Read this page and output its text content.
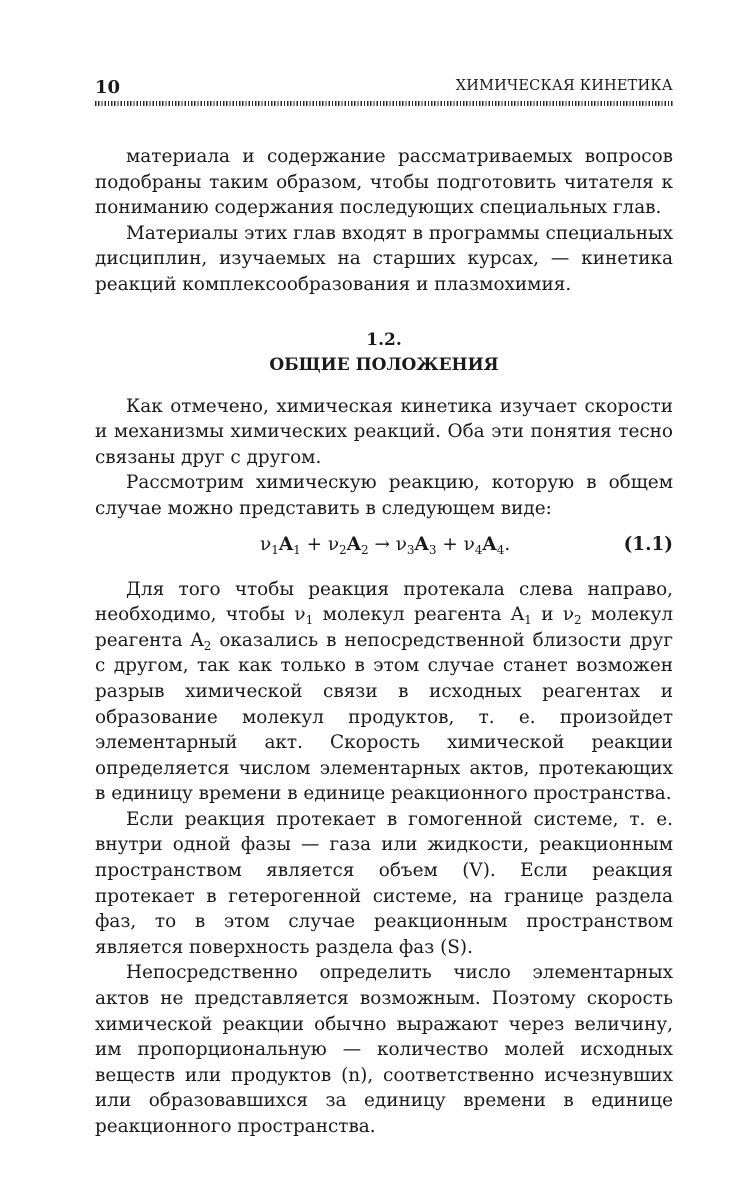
10	ХИМИЧЕСКАЯ КИНЕТИКА

материала и содержание рассматриваемых вопросов подобраны таким образом, чтобы подготовить читателя к пониманию содержания последующих специальных глав.

Материалы этих глав входят в программы специальных дисциплин, изучаемых на старших курсах, — кинетика реакций комплексообразования и плазмохимия.

1.2.
ОБЩИЕ ПОЛОЖЕНИЯ

Как отмечено, химическая кинетика изучает скорости и механизмы химических реакций. Оба эти понятия тесно связаны друг с другом.

Рассмотрим химическую реакцию, которую в общем случае можно представить в следующем виде:

$\nu_1A_1 + \nu_2A_2 \to \nu_3A_3 + \nu_4A_4$.	(1.1)

Для того чтобы реакция протекала слева направо, необходимо, чтобы $\nu_1$ молекул реагента $A_1$ и $\nu_2$ молекул реагента $A_2$ оказались в непосредственной близости друг с другом, так как только в этом случае станет возможен разрыв химической связи в исходных реагентах и образование молекул продуктов, т. е. произойдет элементарный акт. Скорость химической реакции определяется числом элементарных актов, протекающих в единицу времени в единице реакционного пространства.

Если реакция протекает в гомогенной системе, т. е. внутри одной фазы — газа или жидкости, реакционным пространством является объем (V). Если реакция протекает в гетерогенной системе, на границе раздела фаз, то в этом случае реакционным пространством является поверхность раздела фаз (S).

Непосредственно определить число элементарных актов не представляется возможным. Поэтому скорость химической реакции обычно выражают через величину, им пропорциональную — количество молей исходных веществ или продуктов (n), соответственно исчезнувших или образовавшихся за единицу времени в единице реакционного пространства.
